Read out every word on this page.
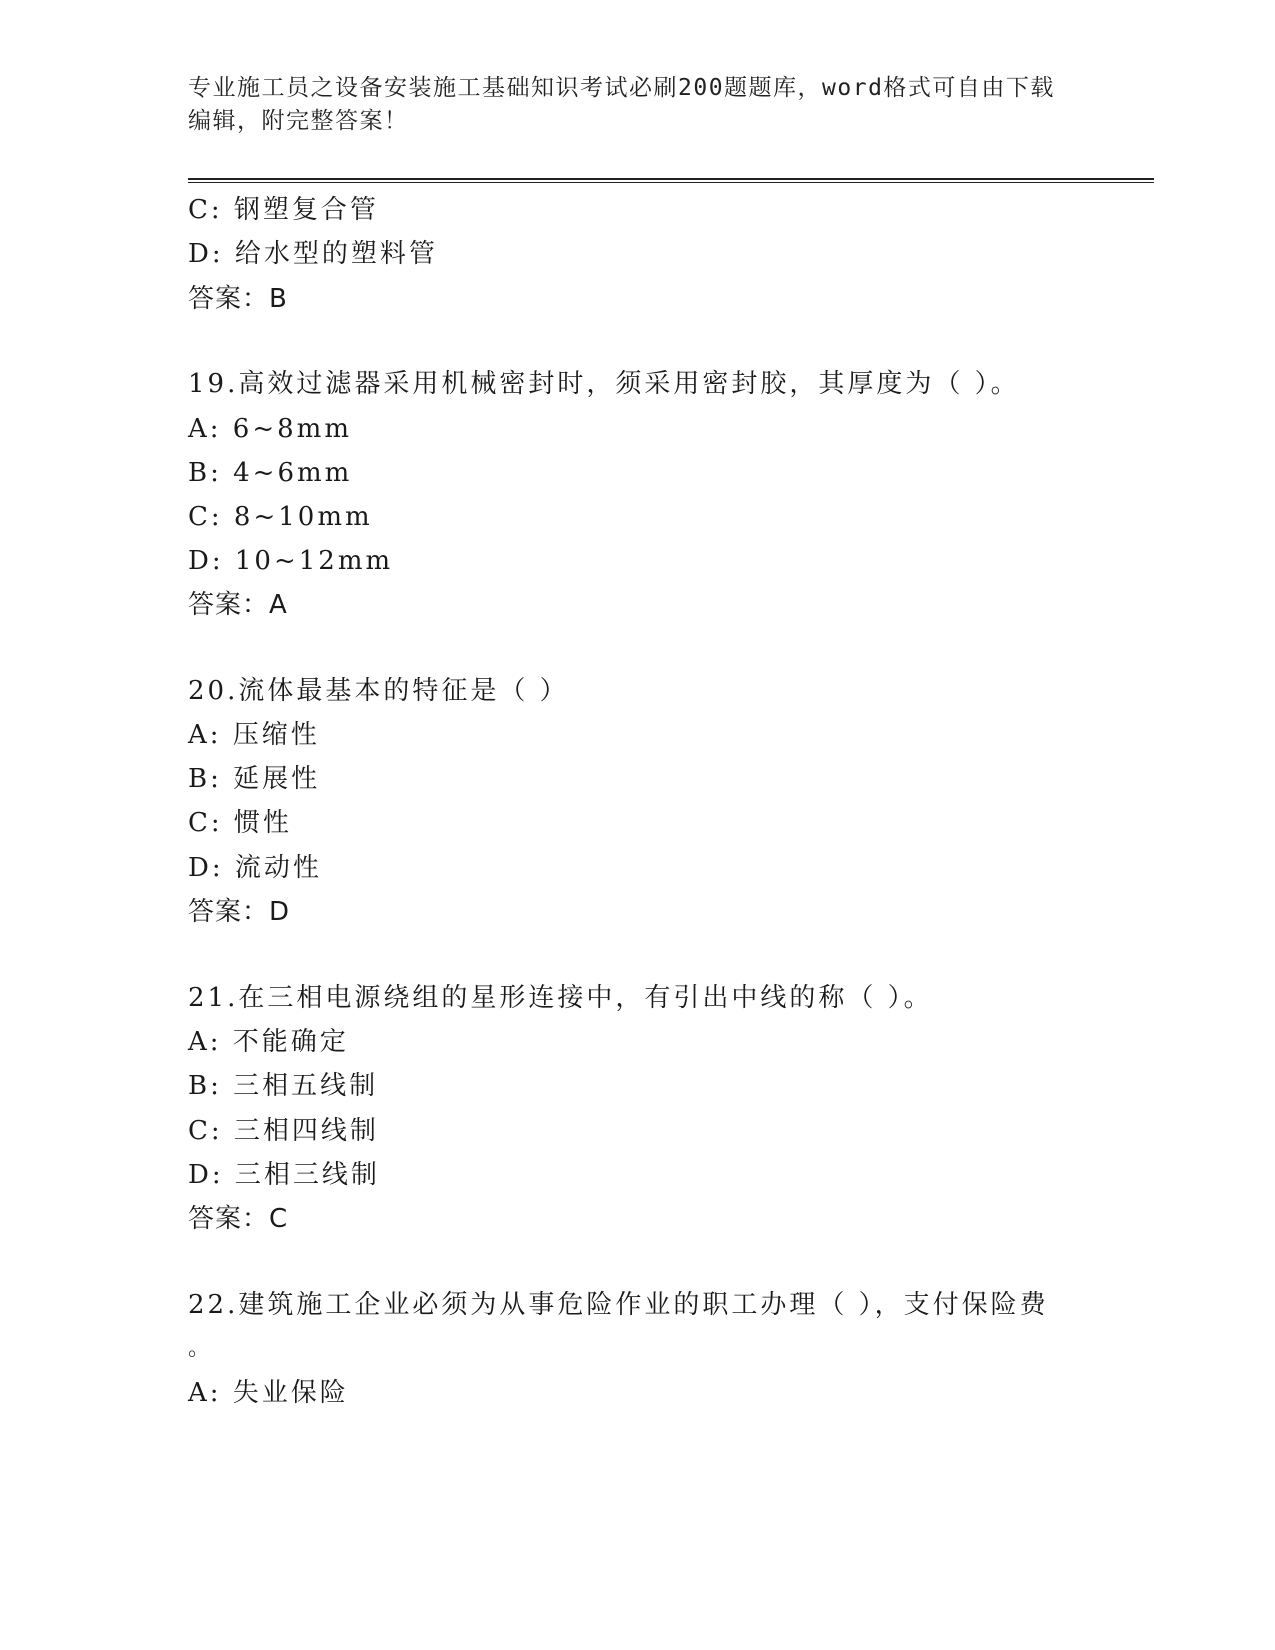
专业施工员之设备安装施工基础知识考试必刷200题题库，word格式可自由下载
编辑，附完整答案！
C: 钢塑复合管
D: 给水型的塑料管
答案：B
19.高效过滤器采用机械密封时，须采用密封胶，其厚度为（ ）。
A: 6~8mm
B: 4~6mm
C: 8~10mm
D: 10~12mm
答案：A
20.流体最基本的特征是（ ）
A: 压缩性
B: 延展性
C: 惯性
D: 流动性
答案：D
21.在三相电源绕组的星形连接中，有引出中线的称（ ）。
A: 不能确定
B: 三相五线制
C: 三相四线制
D: 三相三线制
答案：C
22.建筑施工企业必须为从事危险作业的职工办理（ ），支付保险费
。
A: 失业保险
